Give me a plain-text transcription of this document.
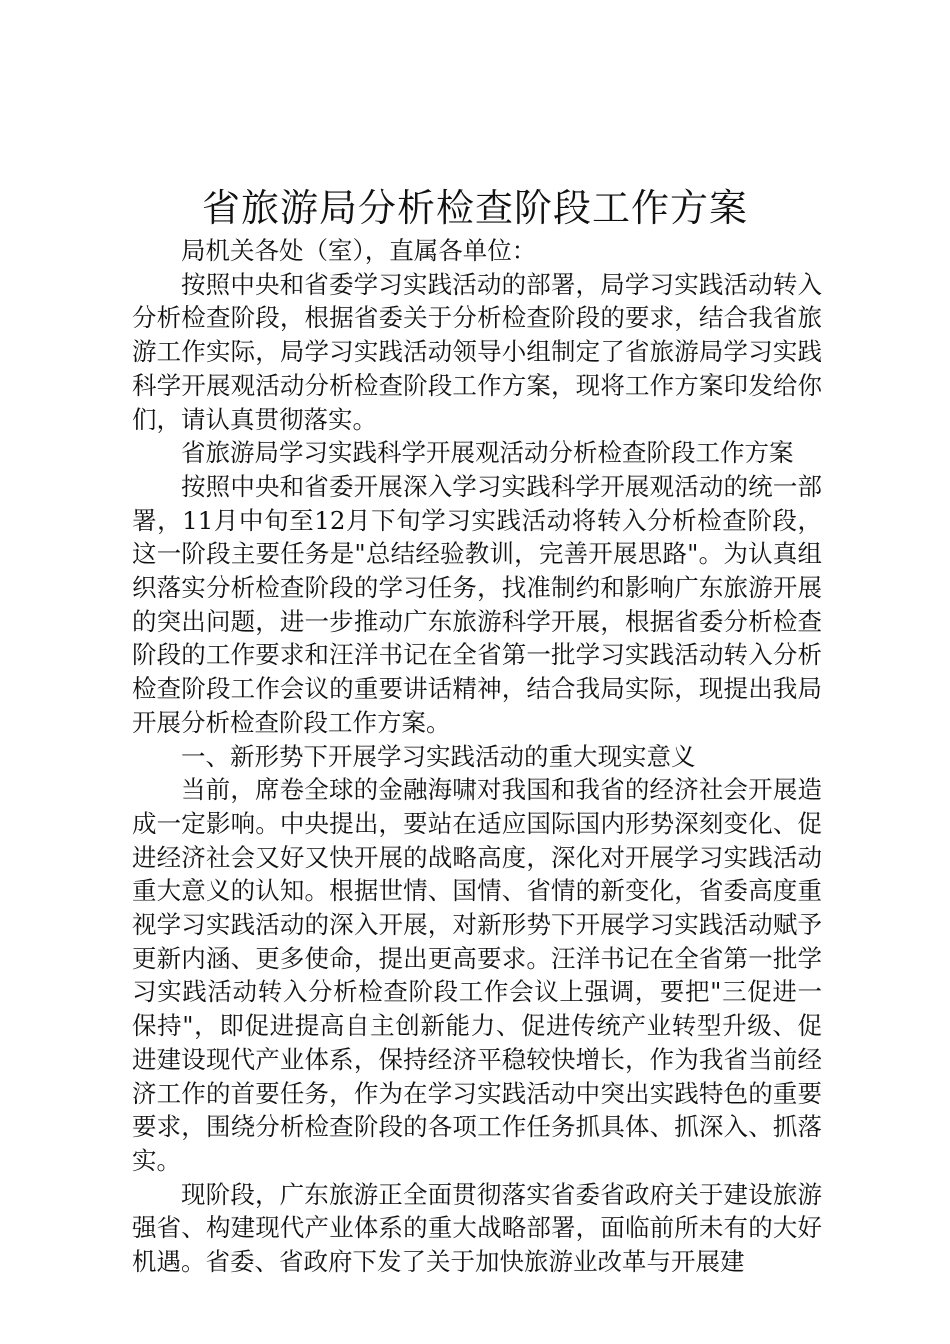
省旅游局分析检查阶段工作方案

局机关各处（室），直属各单位：

按照中央和省委学习实践活动的部署，局学习实践活动转入分析检查阶段，根据省委关于分析检查阶段的要求，结合我省旅游工作实际，局学习实践活动领导小组制定了省旅游局学习实践科学开展观活动分析检查阶段工作方案，现将工作方案印发给你们，请认真贯彻落实。

省旅游局学习实践科学开展观活动分析检查阶段工作方案

按照中央和省委开展深入学习实践科学开展观活动的统一部署，11月中旬至12月下旬学习实践活动将转入分析检查阶段，这一阶段主要任务是"总结经验教训，完善开展思路"。为认真组织落实分析检查阶段的学习任务，找准制约和影响广东旅游开展的突出问题，进一步推动广东旅游科学开展，根据省委分析检查阶段的工作要求和汪洋书记在全省第一批学习实践活动转入分析检查阶段工作会议的重要讲话精神，结合我局实际，现提出我局开展分析检查阶段工作方案。

一、新形势下开展学习实践活动的重大现实意义

当前，席卷全球的金融海啸对我国和我省的经济社会开展造成一定影响。中央提出，要站在适应国际国内形势深刻变化、促进经济社会又好又快开展的战略高度，深化对开展学习实践活动重大意义的认知。根据世情、国情、省情的新变化，省委高度重视学习实践活动的深入开展，对新形势下开展学习实践活动赋予更新内涵、更多使命，提出更高要求。汪洋书记在全省第一批学习实践活动转入分析检查阶段工作会议上强调，要把"三促进一保持"，即促进提高自主创新能力、促进传统产业转型升级、促进建设现代产业体系，保持经济平稳较快增长，作为我省当前经济工作的首要任务，作为在学习实践活动中突出实践特色的重要要求，围绕分析检查阶段的各项工作任务抓具体、抓深入、抓落实。

现阶段，广东旅游正全面贯彻落实省委省政府关于建设旅游强省、构建现代产业体系的重大战略部署，面临前所未有的大好机遇。省委、省政府下发了关于加快旅游业改革与开展建
